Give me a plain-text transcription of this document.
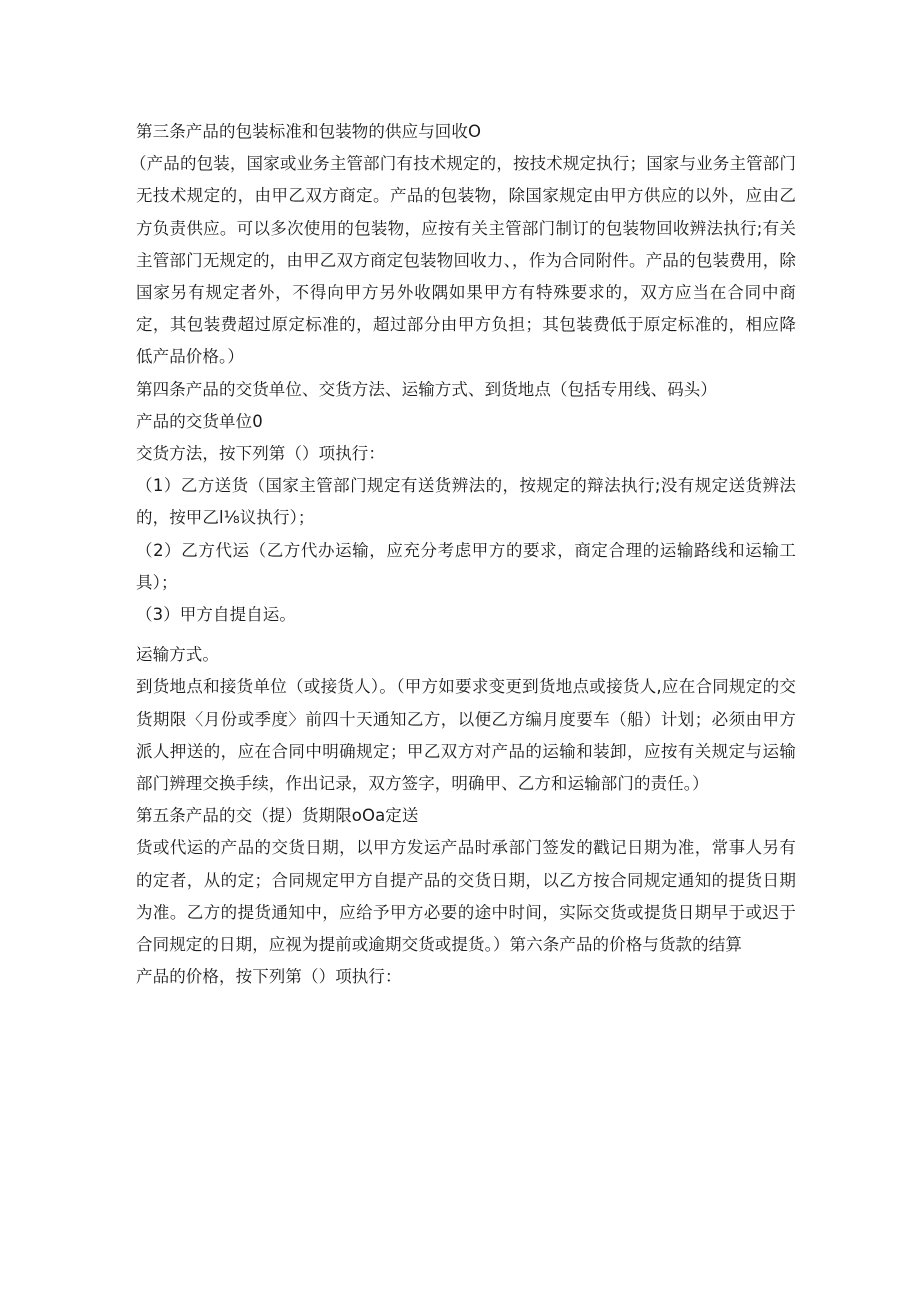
第三条产品的包装标准和包装物的供应与回收O

（产品的包装，国家或业务主管部门有技术规定的，按技术规定执行；国家与业务主管部门无技术规定的，由甲乙双方商定。产品的包装物，除国家规定由甲方供应的以外，应由乙方负责供应。可以多次使用的包装物，应按有关主管部门制订的包装物回收辨法执行;有关主管部门无规定的，由甲乙双方商定包装物回收力、，作为合同附件。产品的包装费用，除国家另有规定者外，不得向甲方另外收隅如果甲方有特殊要求的，双方应当在合同中商定，其包装费超过原定标准的，超过部分由甲方负担；其包装费低于原定标准的，相应降低产品价格。）

第四条产品的交货单位、交货方法、运输方式、到货地点（包括专用线、码头）

产品的交货单位0

交货方法，按下列第（）项执行：

（1）乙方送货（国家主管部门规定有送货辨法的，按规定的辩法执行;没有规定送货辨法的，按甲乙l⅛议执行）；

（2）乙方代运（乙方代办运输，应充分考虑甲方的要求，商定合理的运输路线和运输工具）；

（3）甲方自提自运。

运输方式。

到货地点和接货单位（或接货人）。（甲方如要求变更到货地点或接货人,应在合同规定的交货期限〈月份或季度〉前四十天通知乙方，以便乙方编月度要车（船）计划；必须由甲方派人押送的，应在合同中明确规定；甲乙双方对产品的运输和装卸，应按有关规定与运输部门辨理交换手续，作出记录，双方签字，明确甲、乙方和运输部门的责任。）

第五条产品的交（提）货期限oOa定送

货或代运的产品的交货日期，以甲方发运产品时承部门签发的戳记日期为准，常事人另有的定者，从的定；合同规定甲方自提产品的交货日期，以乙方按合同规定通知的提货日期为准。乙方的提货通知中，应给予甲方必要的途中时间，实际交货或提货日期早于或迟于合同规定的日期，应视为提前或逾期交货或提货。）第六条产品的价格与货款的结算

产品的价格，按下列第（）项执行：
